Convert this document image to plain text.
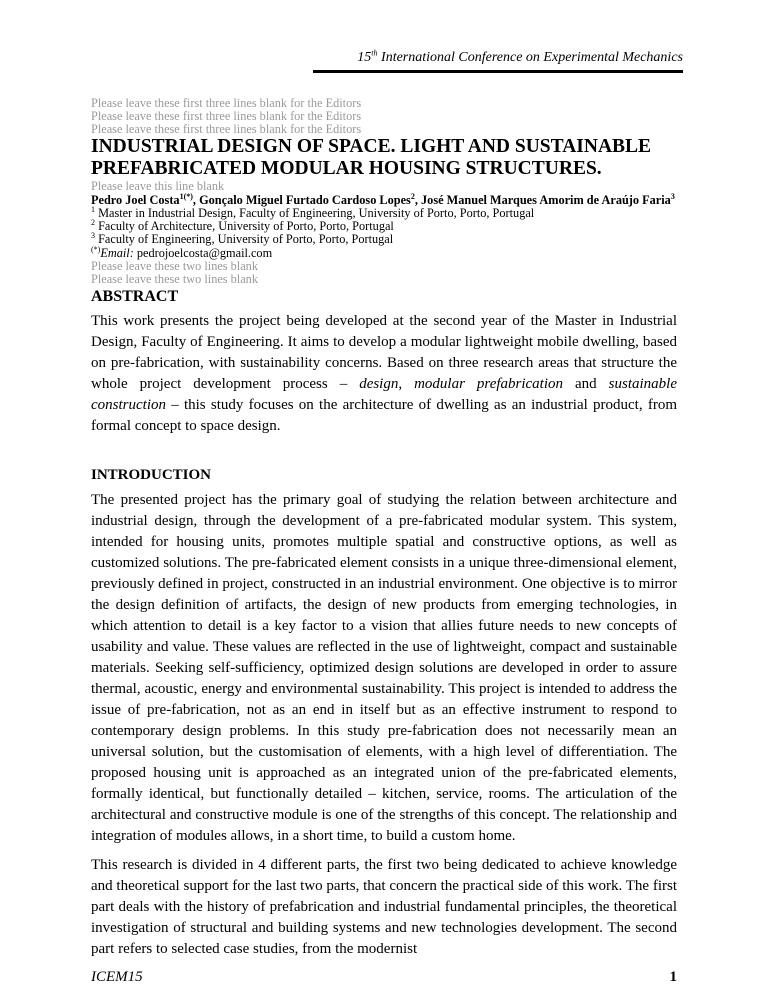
15th International Conference on Experimental Mechanics
Please leave these first three lines blank for the Editors
Please leave these first three lines blank for the Editors
Please leave these first three lines blank for the Editors
INDUSTRIAL DESIGN OF SPACE. LIGHT AND SUSTAINABLE
PREFABRICATED MODULAR HOUSING STRUCTURES.
Please leave this line blank
Pedro Joel Costa$^{1(*)}$, Gonçalo Miguel Furtado Cardoso Lopes$^2$, José Manuel Marques Amorim de Araújo Faria$^3$
$^1$ Master in Industrial Design, Faculty of Engineering, University of Porto, Porto, Portugal
$^2$ Faculty of Architecture, University of Porto, Porto, Portugal
$^3$ Faculty of Engineering, University of Porto, Porto, Portugal
(*)Email: pedrojoelcosta@gmail.com
Please leave these two lines blank
Please leave these two lines blank
ABSTRACT

This work presents the project being developed at the second year of the Master in Industrial Design, Faculty of Engineering. It aims to develop a modular lightweight mobile dwelling, based on pre-fabrication, with sustainability concerns. Based on three research areas that structure the whole project development process – design, modular prefabrication and sustainable construction – this study focuses on the architecture of dwelling as an industrial product, from formal concept to space design.

INTRODUCTION

The presented project has the primary goal of studying the relation between architecture and industrial design, through the development of a pre-fabricated modular system. This system, intended for housing units, promotes multiple spatial and constructive options, as well as customized solutions. The pre-fabricated element consists in a unique three-dimensional element, previously defined in project, constructed in an industrial environment. One objective is to mirror the design definition of artifacts, the design of new products from emerging technologies, in which attention to detail is a key factor to a vision that allies future needs to new concepts of usability and value. These values are reflected in the use of lightweight, compact and sustainable materials. Seeking self-sufficiency, optimized design solutions are developed in order to assure thermal, acoustic, energy and environmental sustainability. This project is intended to address the issue of pre-fabrication, not as an end in itself but as an effective instrument to respond to contemporary design problems. In this study pre-fabrication does not necessarily mean an universal solution, but the customisation of elements, with a high level of differentiation. The proposed housing unit is approached as an integrated union of the pre-fabricated elements, formally identical, but functionally detailed – kitchen, service, rooms. The articulation of the architectural and constructive module is one of the strengths of this concept. The relationship and integration of modules allows, in a short time, to build a custom home.

This research is divided in 4 different parts, the first two being dedicated to achieve knowledge and theoretical support for the last two parts, that concern the practical side of this work. The first part deals with the history of prefabrication and industrial fundamental principles, the theoretical investigation of structural and building systems and new technologies development. The second part refers to selected case studies, from the modernist

ICEM15	1
